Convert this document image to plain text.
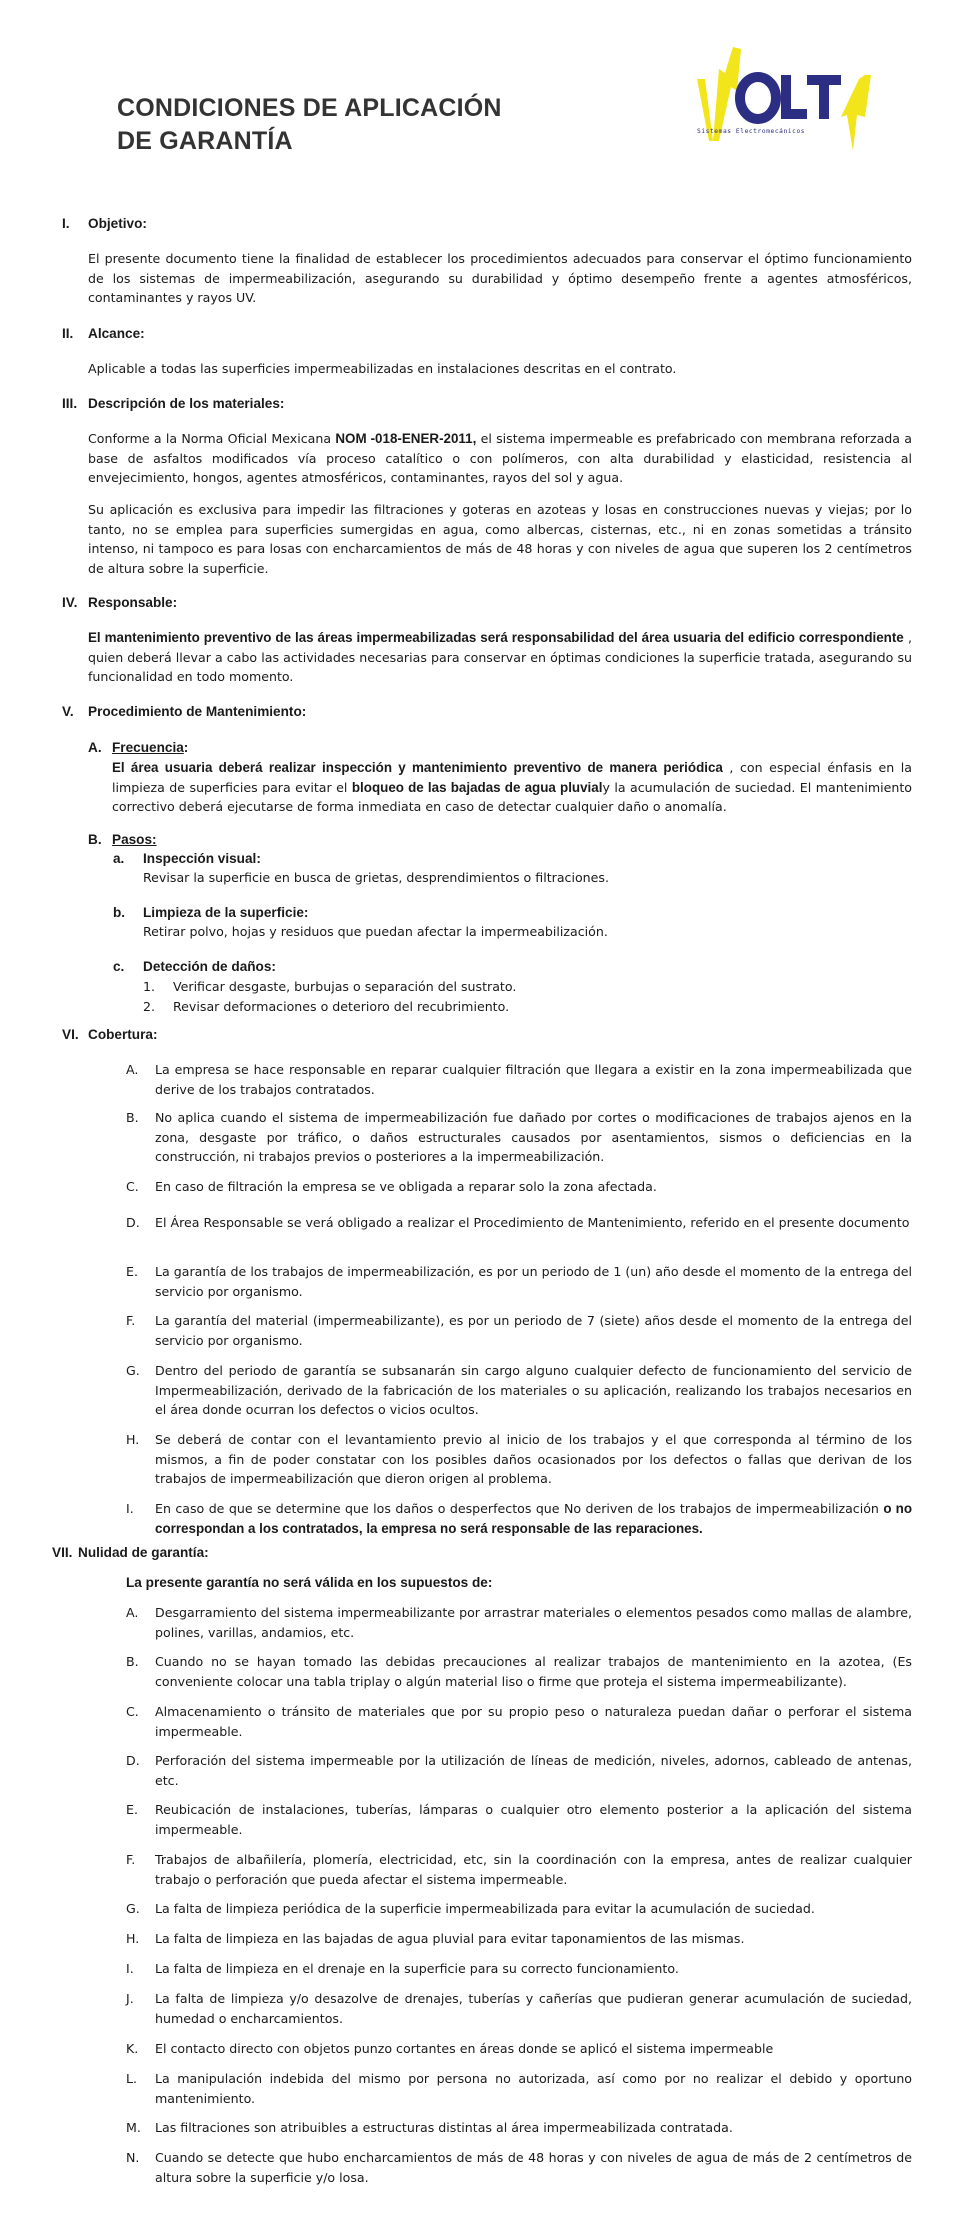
CONDICIONES DE APLICACIÓN
DE GARANTÍA	Sistemas Electromecánicos
I. Objetivo:
El presente documento tiene la finalidad de establecer los procedimientos adecuados para conservar el óptimo funcionamiento de los sistemas de impermeabilización, asegurando su durabilidad y óptimo desempeño frente a agentes atmosféricos, contaminantes y rayos UV.
II. Alcance:
Aplicable a todas las superficies impermeabilizadas en instalaciones descritas en el contrato.
III. Descripción de los materiales:
Conforme a la Norma Oficial Mexicana NOM -018-ENER-2011, el sistema impermeable es prefabricado con membrana reforzada a base de asfaltos modificados vía proceso catalítico o con polímeros, con alta durabilidad y elasticidad, resistencia al envejecimiento, hongos, agentes atmosféricos, contaminantes, rayos del sol y agua.
Su aplicación es exclusiva para impedir las filtraciones y goteras en azoteas y losas en construcciones nuevas y viejas; por lo tanto, no se emplea para superficies sumergidas en agua, como albercas, cisternas, etc., ni en zonas sometidas a tránsito intenso, ni tampoco es para losas con encharcamientos de más de 48 horas y con niveles de agua que superen los 2 centímetros de altura sobre la superficie.
IV. Responsable:
El mantenimiento preventivo de las áreas impermeabilizadas será responsabilidad del área usuaria del edificio correspondiente , quien deberá llevar a cabo las actividades necesarias para conservar en óptimas condiciones la superficie tratada, asegurando su funcionalidad en todo momento.
V. Procedimiento de Mantenimiento:
A. Frecuencia:
El área usuaria deberá realizar inspección y mantenimiento preventivo de manera periódica , con especial énfasis en la limpieza de superficies para evitar el bloqueo de las bajadas de agua pluvialy la acumulación de suciedad. El mantenimiento correctivo deberá ejecutarse de forma inmediata en caso de detectar cualquier daño o anomalía.
B. Pasos:
a. Inspección visual:
Revisar la superficie en busca de grietas, desprendimientos o filtraciones.
b. Limpieza de la superficie:
Retirar polvo, hojas y residuos que puedan afectar la impermeabilización.
c. Detección de daños:
1.	Verificar desgaste, burbujas o separación del sustrato.
2.	Revisar deformaciones o deterioro del recubrimiento.
VI. Cobertura:
A.	La empresa se hace responsable en reparar cualquier filtración que llegara a existir en la zona impermeabilizada que derive de los trabajos contratados.
B.	No aplica cuando el sistema de impermeabilización fue dañado por cortes o modificaciones de trabajos ajenos en la zona, desgaste por tráfico, o daños estructurales causados por asentamientos, sismos o deficiencias en la construcción, ni trabajos previos o posteriores a la impermeabilización.
C.	En caso de filtración la empresa se ve obligada a reparar solo la zona afectada.
D.	El Área Responsable se verá obligado a realizar el Procedimiento de Mantenimiento, referido en el presente documento
E.	La garantía de los trabajos de impermeabilización, es por un periodo de 1 (un) año desde el momento de la entrega del servicio por organismo.
F.	La garantía del material (impermeabilizante), es por un periodo de 7 (siete) años desde el momento de la entrega del servicio por organismo.
G.	Dentro del periodo de garantía se subsanarán sin cargo alguno cualquier defecto de funcionamiento del servicio de Impermeabilización, derivado de la fabricación de los materiales o su aplicación, realizando los trabajos necesarios en el área donde ocurran los defectos o vicios ocultos.
H.	Se deberá de contar con el levantamiento previo al inicio de los trabajos y el que corresponda al término de los mismos, a fin de poder constatar con los posibles daños ocasionados por los defectos o fallas que derivan de los trabajos de impermeabilización que dieron origen al problema.
I.	En caso de que se determine que los daños o desperfectos que No deriven de los trabajos de impermeabilización o no correspondan a los contratados, la empresa no será responsable de las reparaciones.
VII. Nulidad de garantía:
La presente garantía no será válida en los supuestos de:
A.	Desgarramiento del sistema impermeabilizante por arrastrar materiales o elementos pesados como mallas de alambre, polines, varillas, andamios, etc.
B.	Cuando no se hayan tomado las debidas precauciones al realizar trabajos de mantenimiento en la azotea, (Es conveniente colocar una tabla triplay o algún material liso o firme que proteja el sistema impermeabilizante).
C.	Almacenamiento o tránsito de materiales que por su propio peso o naturaleza puedan dañar o perforar el sistema impermeable.
D.	Perforación del sistema impermeable por la utilización de líneas de medición, niveles, adornos, cableado de antenas, etc.
E.	Reubicación de instalaciones, tuberías, lámparas o cualquier otro elemento posterior a la aplicación del sistema impermeable.
F.	Trabajos de albañilería, plomería, electricidad, etc, sin la coordinación con la empresa, antes de realizar cualquier trabajo o perforación que pueda afectar el sistema impermeable.
G.	La falta de limpieza periódica de la superficie impermeabilizada para evitar la acumulación de suciedad.
H.	La falta de limpieza en las bajadas de agua pluvial para evitar taponamientos de las mismas.
I.	La falta de limpieza en el drenaje en la superficie para su correcto funcionamiento.
J.	La falta de limpieza y/o desazolve de drenajes, tuberías y cañerías que pudieran generar acumulación de suciedad, humedad o encharcamientos.
K.	El contacto directo con objetos punzo cortantes en áreas donde se aplicó el sistema impermeable
L.	La manipulación indebida del mismo por persona no autorizada, así como por no realizar el debido y oportuno mantenimiento.
M.	Las filtraciones son atribuibles a estructuras distintas al área impermeabilizada contratada.
N.	Cuando se detecte que hubo encharcamientos de más de 48 horas y con niveles de agua de más de 2 centímetros de altura sobre la superficie y/o losa.
